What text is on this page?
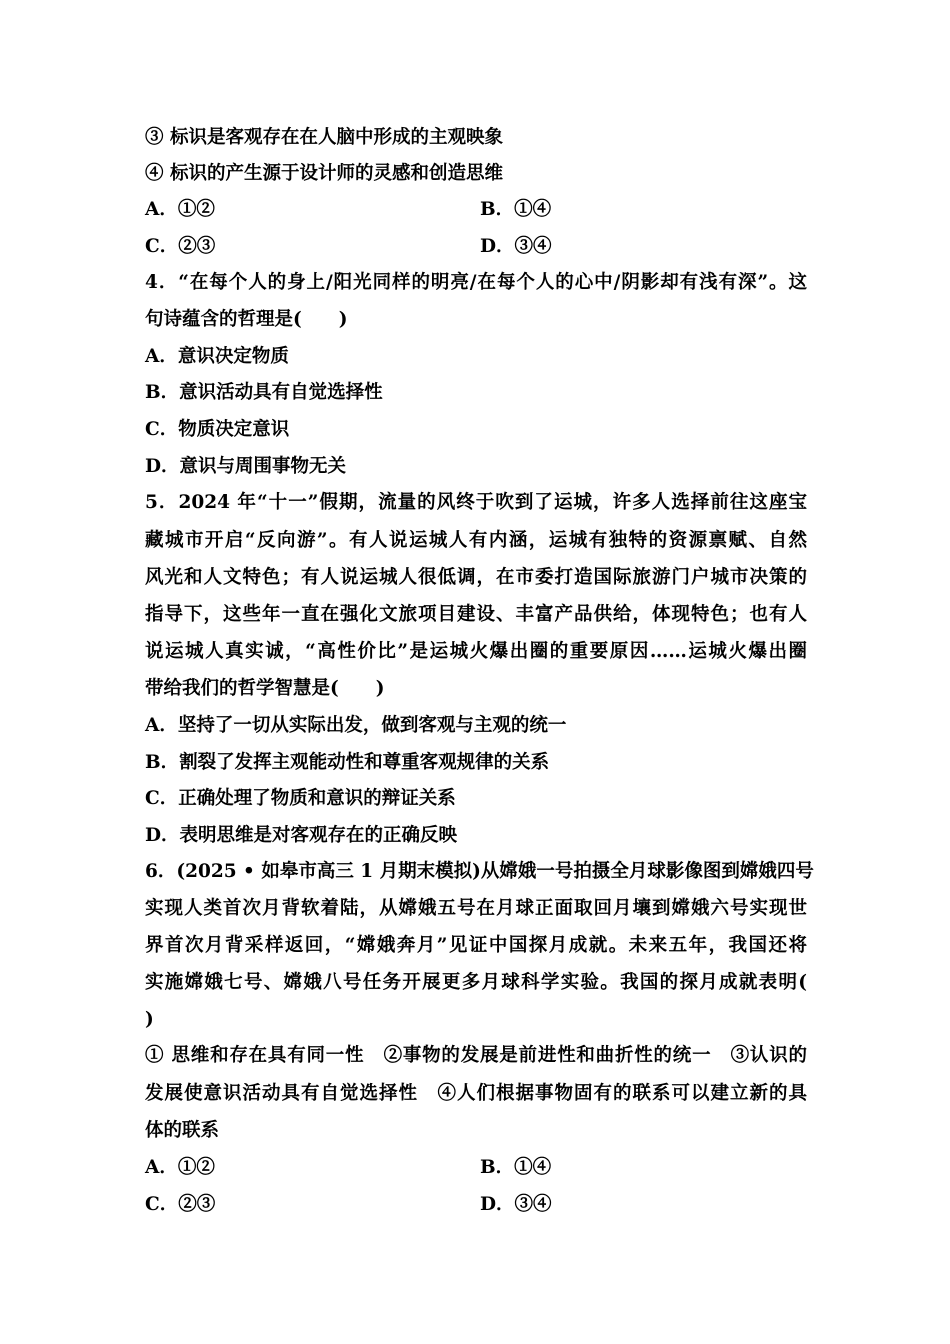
③ 标识是客观存在在人脑中形成的主观映象
④ 标识的产生源于设计师的灵感和创造思维
A．①②	B．①④
C．②③	D．③④
4．“在每个人的身上/阳光同样的明亮/在每个人的心中/阴影却有浅有深”。这
句诗蕴含的哲理是(　　)
A．意识决定物质
B．意识活动具有自觉选择性
C．物质决定意识
D．意识与周围事物无关
5．2024 年“十一”假期，流量的风终于吹到了运城，许多人选择前往这座宝
藏城市开启“反向游”。有人说运城人有内涵，运城有独特的资源禀赋、自然
风光和人文特色；有人说运城人很低调，在市委打造国际旅游门户城市决策的
指导下，这些年一直在强化文旅项目建设、丰富产品供给，体现特色；也有人
说运城人真实诚，“高性价比”是运城火爆出圈的重要原因……运城火爆出圈
带给我们的哲学智慧是(　　)
A．坚持了一切从实际出发，做到客观与主观的统一
B．割裂了发挥主观能动性和尊重客观规律的关系
C．正确处理了物质和意识的辩证关系
D．表明思维是对客观存在的正确反映
6．(2025 • 如皋市高三 1 月期末模拟)从嫦娥一号拍摄全月球影像图到嫦娥四号
实现人类首次月背软着陆，从嫦娥五号在月球正面取回月壤到嫦娥六号实现世
界首次月背采样返回，“嫦娥奔月”见证中国探月成就。未来五年，我国还将
实施嫦娥七号、嫦娥八号任务开展更多月球科学实验。我国的探月成就表明(
)
① 思维和存在具有同一性　②事物的发展是前进性和曲折性的统一　③认识的
发展使意识活动具有自觉选择性　④人们根据事物固有的联系可以建立新的具
体的联系
A．①②	B．①④
C．②③	D．③④
